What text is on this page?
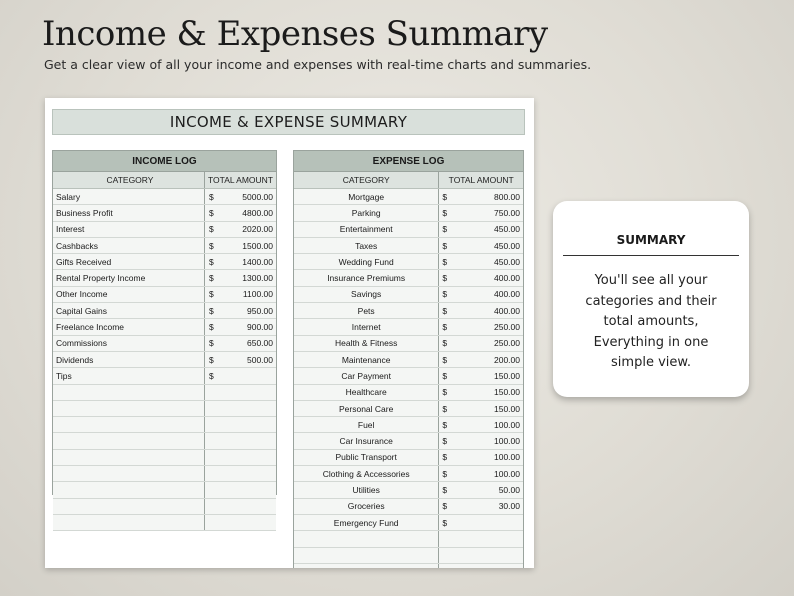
Income & Expenses Summary

Get a clear view of all your income and expenses with real-time charts and summaries.

INCOME & EXPENSE SUMMARY
INCOME LOG
CATEGORY	TOTAL AMOUNT
Salary	$	5000.00
Business Profit	$	4800.00
Interest	$	2020.00
Cashbacks	$	1500.00
Gifts Received	$	1400.00
Rental Property Income	$	1300.00
Other Income	$	1100.00
Capital Gains	$	950.00
Freelance Income	$	900.00
Commissions	$	650.00
Dividends	$	500.00
Tips	$
EXPENSE LOG
CATEGORY	TOTAL AMOUNT
Mortgage	$	800.00
Parking	$	750.00
Entertainment	$	450.00
Taxes	$	450.00
Wedding Fund	$	450.00
Insurance Premiums	$	400.00
Savings	$	400.00
Pets	$	400.00
Internet	$	250.00
Health & Fitness	$	250.00
Maintenance	$	200.00
Car Payment	$	150.00
Healthcare	$	150.00
Personal Care	$	150.00
Fuel	$	100.00
Car Insurance	$	100.00
Public Transport	$	100.00
Clothing & Accessories	$	100.00
Utilities	$	50.00
Groceries	$	30.00
Emergency Fund	$
SUMMARY
You'll see all your categories and their total amounts, Everything in one simple view.
